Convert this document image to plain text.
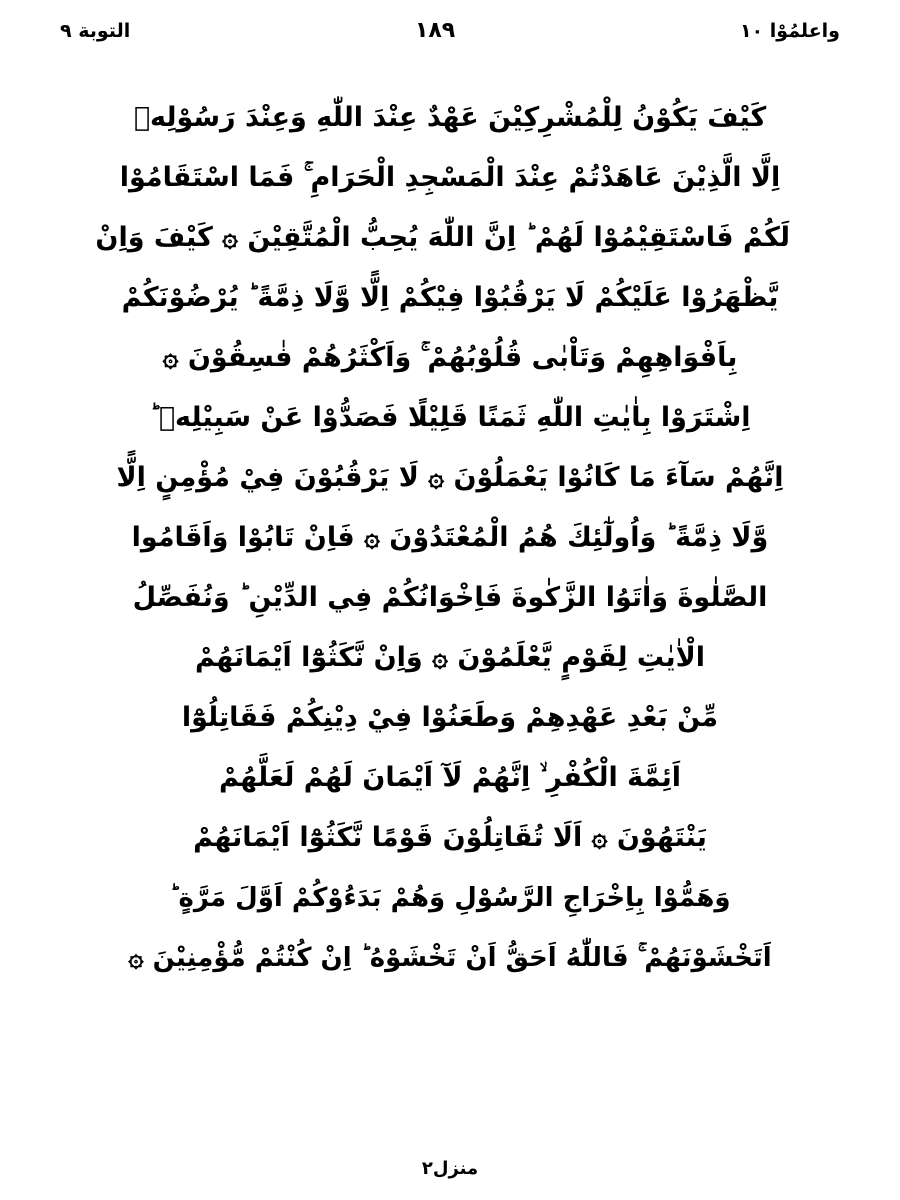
واعلمُوْا ١٠
١٨٩
التوبة ٩
كَيْفَ يَكُوْنُ لِلْمُشْرِكِيْنَ عَهْدٌ عِنْدَ اللّٰهِ وَعِنْدَ رَسُوْلِهٖ
اِلَّا الَّذِيْنَ عَاهَدْتُمْ عِنْدَ الْمَسْجِدِ الْحَرَامِ ۚ فَمَا اسْتَقَامُوْا
لَكُمْ فَاسْتَقِيْمُوْا لَهُمْ ؕ اِنَّ اللّٰهَ يُحِبُّ الْمُتَّقِيْنَ ۞ كَيْفَ وَاِنْ
يَّظْهَرُوْا عَلَيْكُمْ لَا يَرْقُبُوْا فِيْكُمْ اِلًّا وَّلَا ذِمَّةً ؕ يُرْضُوْنَكُمْ
بِاَفْوَاهِهِمْ وَتَاْبٰى قُلُوْبُهُمْ ۚ وَاَكْثَرُهُمْ فٰسِقُوْنَ ۞
اِشْتَرَوْا بِاٰيٰتِ اللّٰهِ ثَمَنًا قَلِيْلًا فَصَدُّوْا عَنْ سَبِيْلِهٖ ؕ
اِنَّهُمْ سَآءَ مَا كَانُوْا يَعْمَلُوْنَ ۞ لَا يَرْقُبُوْنَ فِيْ مُؤْمِنٍ اِلًّا
وَّلَا ذِمَّةً ؕ وَاُولٰٓئِكَ هُمُ الْمُعْتَدُوْنَ ۞ فَاِنْ تَابُوْا وَاَقَامُوا
الصَّلٰوةَ وَاٰتَوُا الزَّكٰوةَ فَاِخْوَانُكُمْ فِي الدِّيْنِ ؕ وَنُفَصِّلُ
الْاٰيٰتِ لِقَوْمٍ يَّعْلَمُوْنَ ۞ وَاِنْ نَّكَثُوْٓا اَيْمَانَهُمْ
مِّنْ بَعْدِ عَهْدِهِمْ وَطَعَنُوْا فِيْ دِيْنِكُمْ فَقَاتِلُوْٓا
اَئِمَّةَ الْكُفْرِ ۙ اِنَّهُمْ لَآ اَيْمَانَ لَهُمْ لَعَلَّهُمْ
يَنْتَهُوْنَ ۞ اَلَا تُقَاتِلُوْنَ قَوْمًا نَّكَثُوْٓا اَيْمَانَهُمْ
وَهَمُّوْا بِاِخْرَاجِ الرَّسُوْلِ وَهُمْ بَدَءُوْكُمْ اَوَّلَ مَرَّةٍ ؕ
اَتَخْشَوْنَهُمْ ۚ فَاللّٰهُ اَحَقُّ اَنْ تَخْشَوْهُ ؕ اِنْ كُنْتُمْ مُّؤْمِنِيْنَ ۞
منزل٢
